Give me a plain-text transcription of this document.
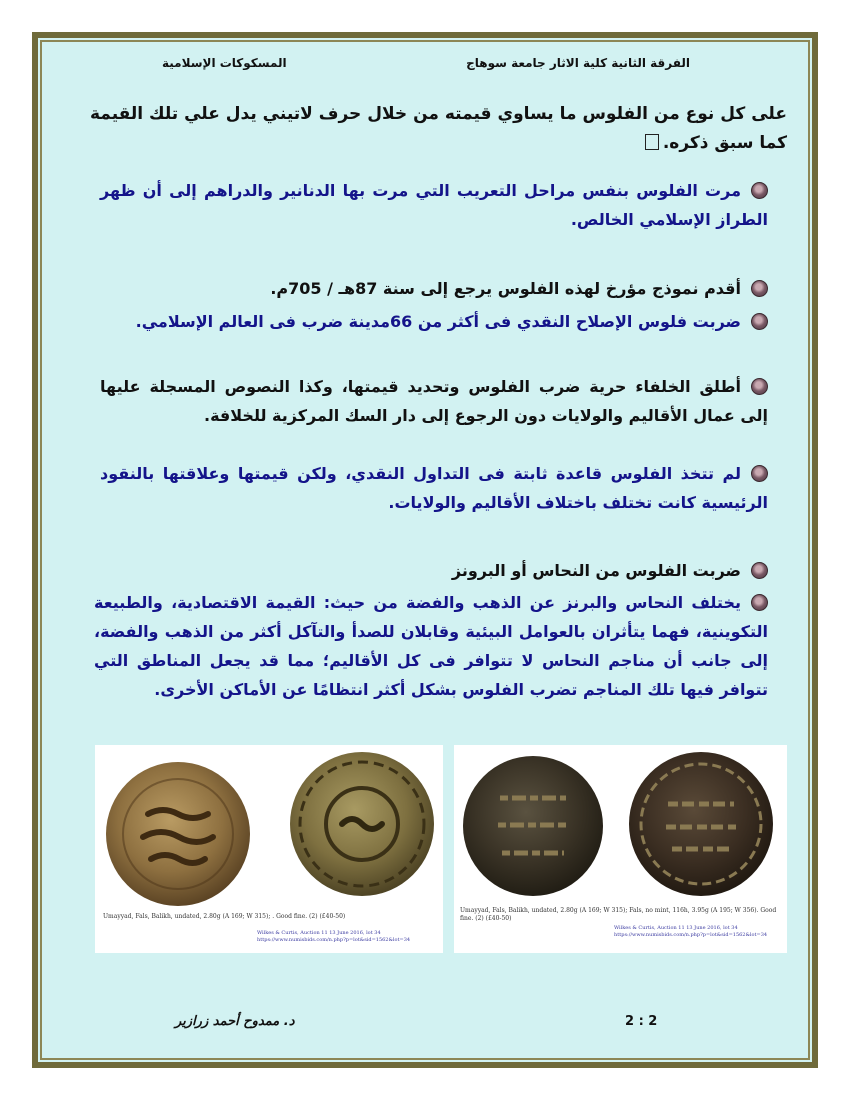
الفرقة الثانية كلية الاثار جامعة سوهاج
المسكوكات الإسلامية
على كل نوع من الفلوس ما يساوي قيمته من خلال حرف لاتيني يدل علي تلك القيمة كما سبق ذكره.
مرت الفلوس بنفس مراحل التعريب التي مرت بها الدنانير والدراهم إلى أن ظهر الطراز الإسلامي الخالص.
أقدم نموذج مؤرخ لهذه الفلوس يرجع إلى سنة 87هـ / 705م.
ضربت فلوس الإصلاح النقدي فى أكثر من 66مدينة ضرب فى العالم الإسلامي.
أطلق الخلفاء حرية ضرب الفلوس وتحديد قيمتها، وكذا النصوص المسجلة عليها إلى عمال الأقاليم والولايات دون الرجوع إلى دار السك المركزية للخلافة.
لم تتخذ الفلوس قاعدة ثابتة فى التداول النقدي، ولكن قيمتها وعلاقتها بالنقود الرئيسية كانت تختلف باختلاف الأقاليم والولايات.
ضربت الفلوس من النحاس أو البرونز
يختلف النحاس والبرنز عن الذهب والفضة من حيث: القيمة الاقتصادية، والطبيعة التكوينية، فهما يتأثران بالعوامل البيئية وقابلان للصدأ والتآكل أكثر من الذهب والفضة، إلى جانب أن مناجم النحاس لا تتوافر فى كل الأقاليم؛ مما قد يجعل المناطق التي تتوافر فيها تلك المناجم تضرب الفلوس بشكل أكثر انتظامًا عن الأماكن الأخرى.
Umayyad, Fals, Balikh, undated, 2.80g (A 169; W 315); . Good fine. (2) (£40-50)
Wilkes & Curtis, Auction 11 13 June 2016, lot 34
https://www.numisbids.com/n.php?p=lot&sid=1562&lot=34
Umayyad, Fals, Balikh, undated, 2.80g (A 169; W 315); Fals, no mint, 116h, 3.95g (A 195; W 356). Good fine. (2) (£40-50)
Wilkes & Curtis, Auction 11 13 June 2016, lot 34
https://www.numisbids.com/n.php?p=lot&sid=1562&lot=34
د. ممدوح أحمد زرازير	2 : 2
